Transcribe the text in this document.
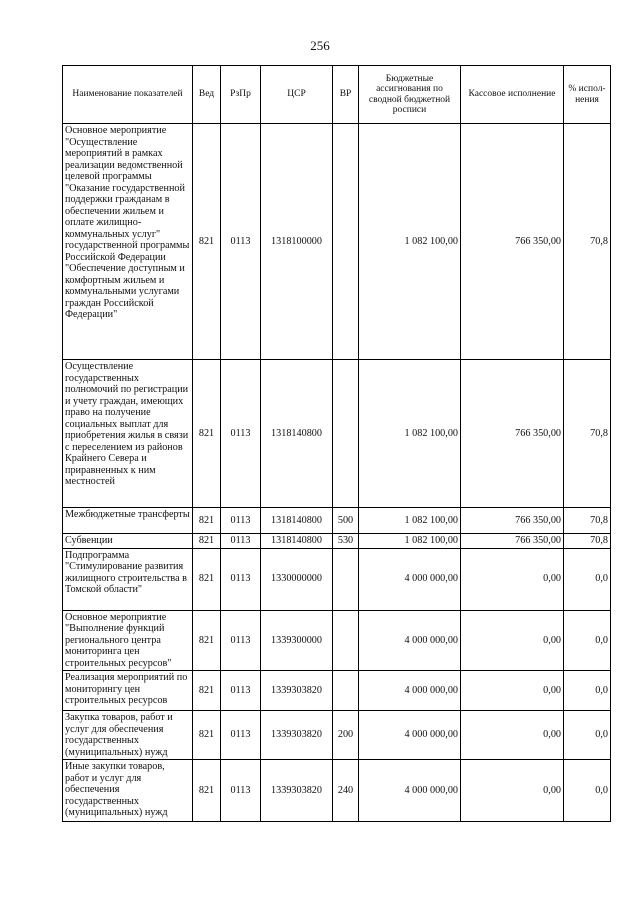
256
Наименование показателей	Вед	РзПр	ЦСР	ВР	Бюджетные ассигнования по сводной бюджетной росписи	Кассовое исполнение	% испол-нения
Основное мероприятие "Осуществление мероприятий в рамках реализации ведомственной целевой программы "Оказание государственной поддержки гражданам в обеспечении жильем и оплате жилищно-коммунальных услуг" государственной программы Российской Федерации "Обеспечение доступным и комфортным жильем и коммунальными услугами граждан Российской Федерации"	821	0113	1318100000		1 082 100,00	766 350,00	70,8
Осуществление государственных полномочий по регистрации и учету граждан, имеющих право на получение социальных выплат для приобретения жилья в связи с переселением из районов Крайнего Севера и приравненных к ним местностей	821	0113	1318140800		1 082 100,00	766 350,00	70,8
Межбюджетные трансферты	821	0113	1318140800	500	1 082 100,00	766 350,00	70,8
Субвенции	821	0113	1318140800	530	1 082 100,00	766 350,00	70,8
Подпрограмма "Стимулирование развития жилищного строительства в Томской области"	821	0113	1330000000		4 000 000,00	0,00	0,0
Основное мероприятие "Выполнение функций регионального центра мониторинга цен строительных ресурсов"	821	0113	1339300000		4 000 000,00	0,00	0,0
Реализация мероприятий по мониторингу цен строительных ресурсов	821	0113	1339303820		4 000 000,00	0,00	0,0
Закупка товаров, работ и услуг для обеспечения государственных (муниципальных) нужд	821	0113	1339303820	200	4 000 000,00	0,00	0,0
Иные закупки товаров, работ и услуг для обеспечения государственных (муниципальных) нужд	821	0113	1339303820	240	4 000 000,00	0,00	0,0
